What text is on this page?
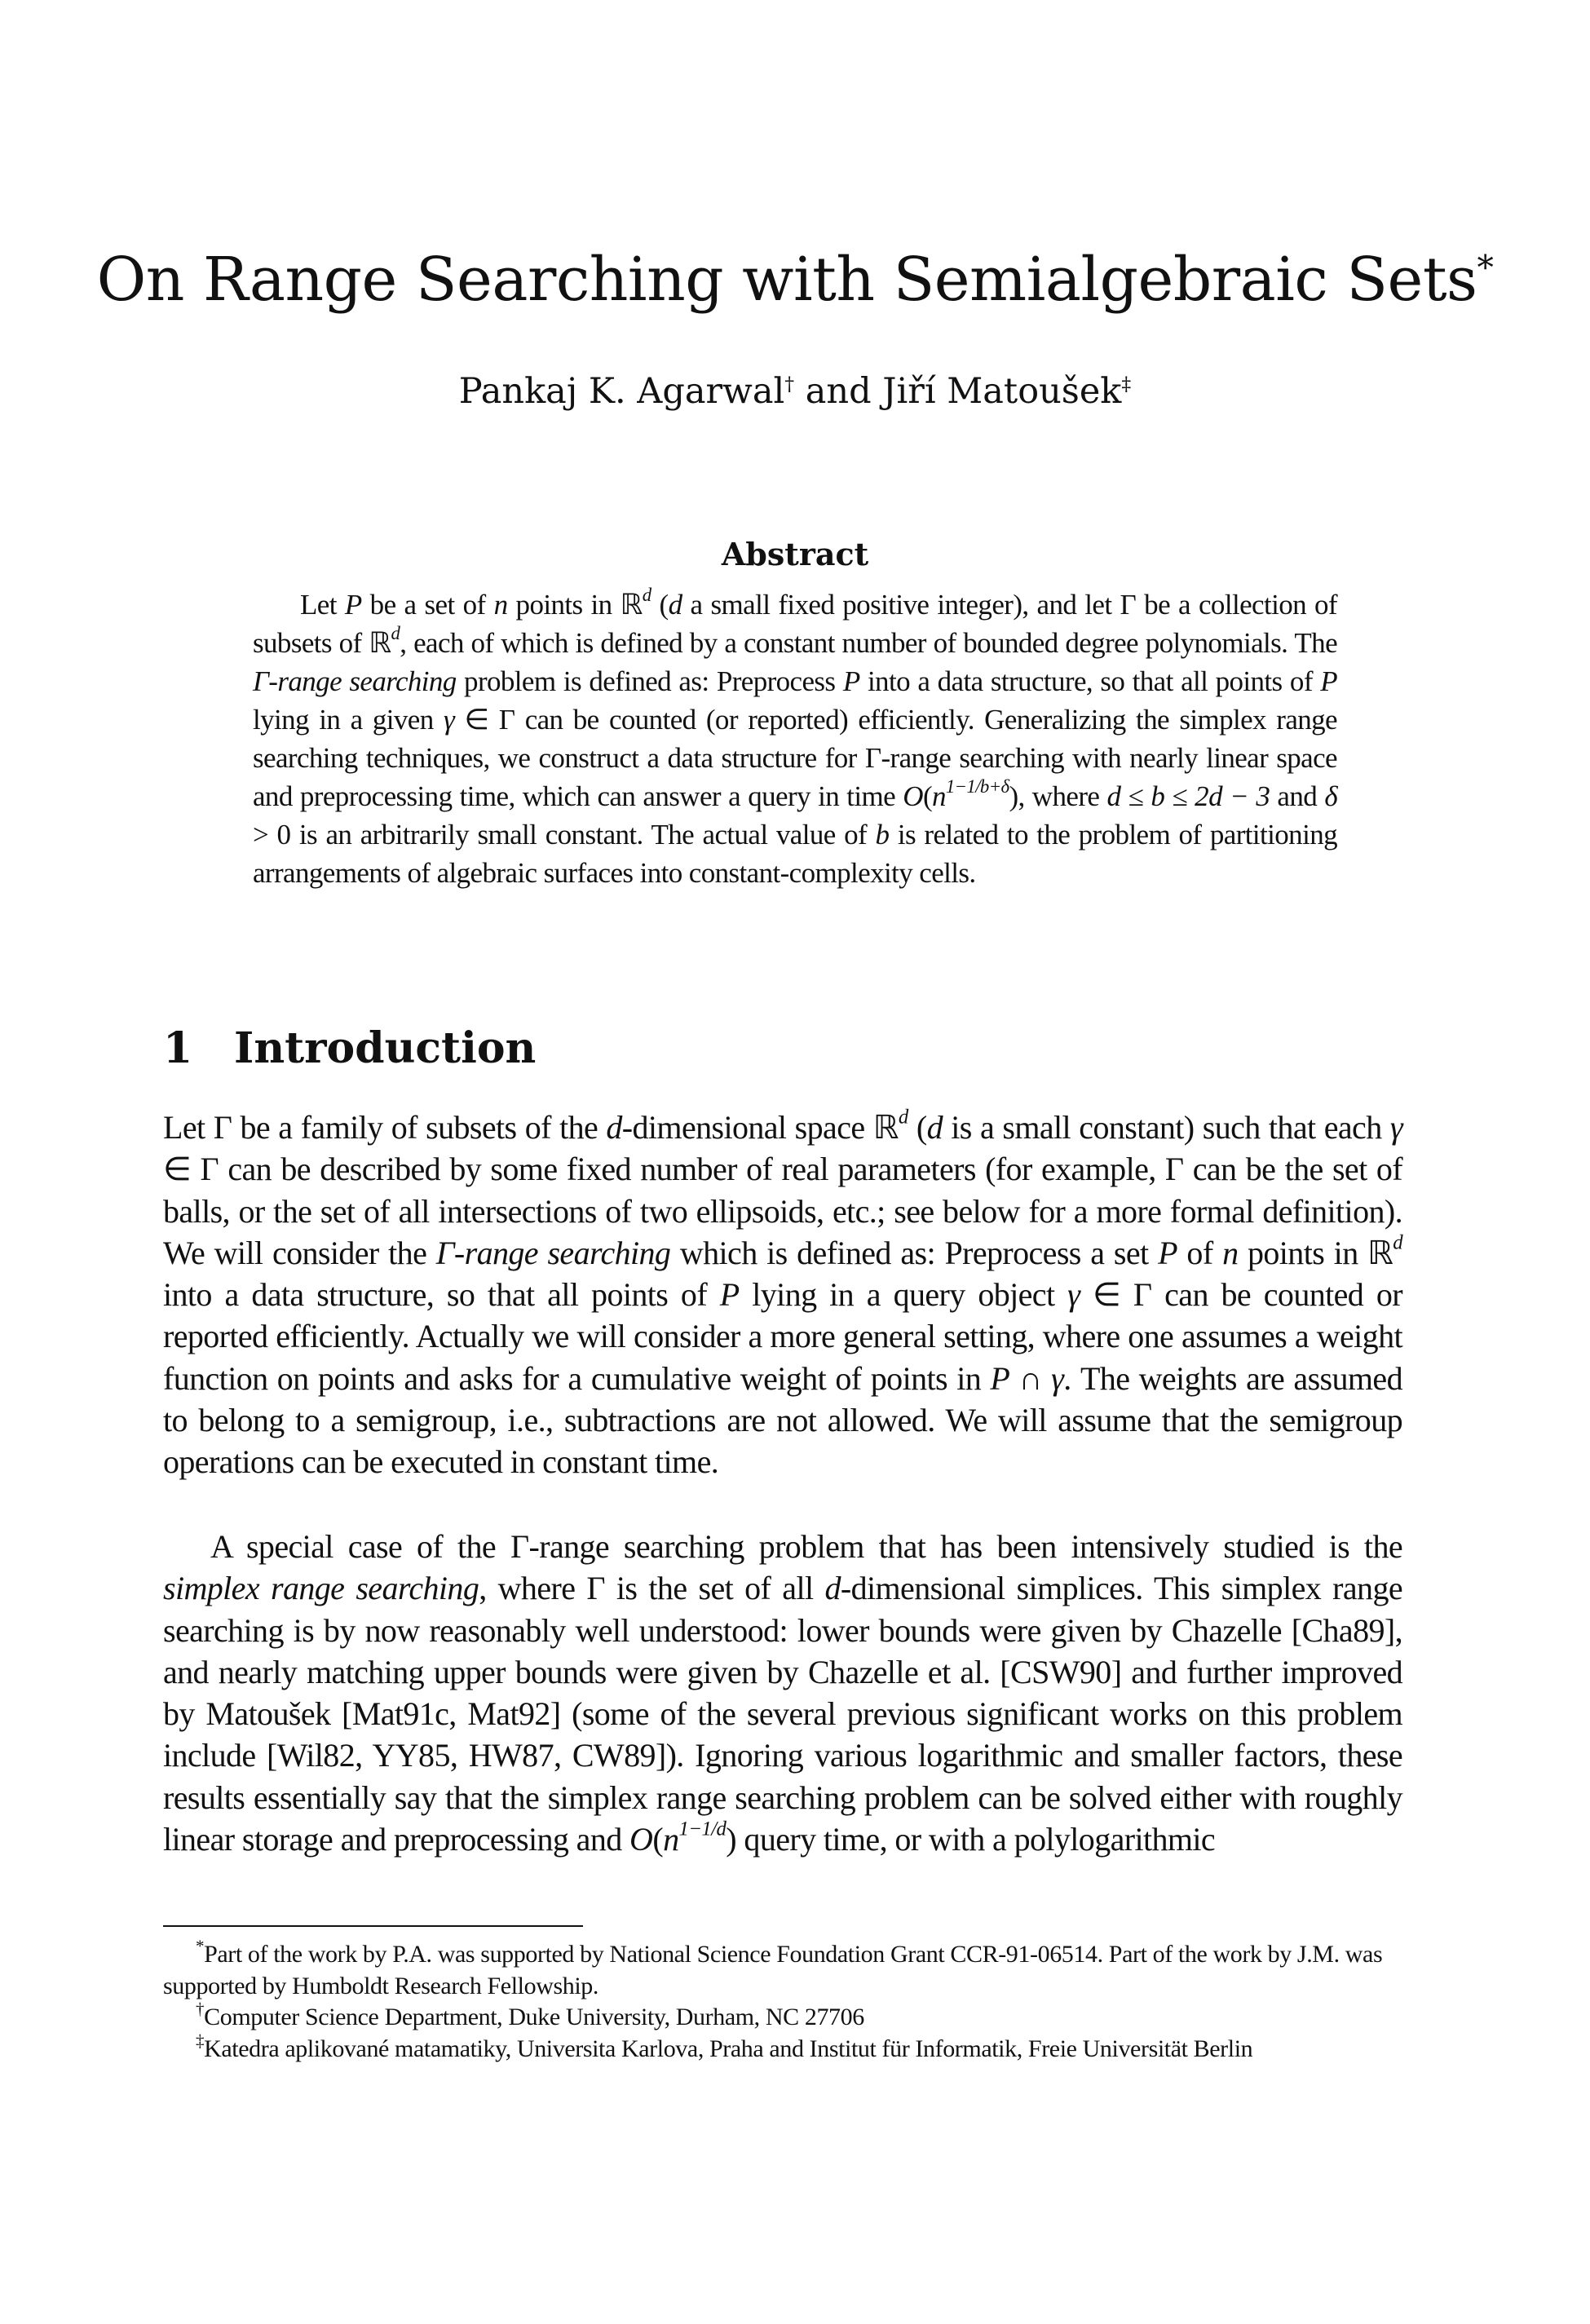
On Range Searching with Semialgebraic Sets*
Pankaj K. Agarwal† and Jiří Matoušek‡
Abstract
Let P be a set of n points in ℝ$^d$ (d a small fixed positive integer), and let Γ be a collection of subsets of ℝ$^d$, each of which is defined by a constant number of bounded degree polynomials. The Γ-range searching problem is defined as: Preprocess P into a data structure, so that all points of P lying in a given γ ∈ Γ can be counted (or reported) efficiently. Generalizing the simplex range searching techniques, we construct a data structure for Γ-range searching with nearly linear space and preprocessing time, which can answer a query in time $O(n^{1-1/b+\delta})$, where d ≤ b ≤ 2d − 3 and δ > 0 is an arbitrarily small constant. The actual value of b is related to the problem of partitioning arrangements of algebraic surfaces into constant-complexity cells.
1 Introduction
Let Γ be a family of subsets of the d-dimensional space ℝ$^d$ (d is a small constant) such that each γ ∈ Γ can be described by some fixed number of real parameters (for example, Γ can be the set of balls, or the set of all intersections of two ellipsoids, etc.; see below for a more formal definition). We will consider the Γ-range searching which is defined as: Preprocess a set P of n points in ℝ$^d$ into a data structure, so that all points of P lying in a query object γ ∈ Γ can be counted or reported efficiently. Actually we will consider a more general setting, where one assumes a weight function on points and asks for a cumulative weight of points in P ∩ γ. The weights are assumed to belong to a semigroup, i.e., subtractions are not allowed. We will assume that the semigroup operations can be executed in constant time.
A special case of the Γ-range searching problem that has been intensively studied is the simplex range searching, where Γ is the set of all d-dimensional simplices. This simplex range searching is by now reasonably well understood: lower bounds were given by Chazelle [Cha89], and nearly matching upper bounds were given by Chazelle et al. [CSW90] and further improved by Matoušek [Mat91c, Mat92] (some of the several previous significant works on this problem include [Wil82, YY85, HW87, CW89]). Ignoring various logarithmic and smaller factors, these results essentially say that the simplex range searching problem can be solved either with roughly linear storage and preprocessing and $O(n^{1-1/d})$ query time, or with a polylogarithmic
*Part of the work by P.A. was supported by National Science Foundation Grant CCR-91-06514. Part of the work by J.M. was supported by Humboldt Research Fellowship.
†Computer Science Department, Duke University, Durham, NC 27706
‡Katedra aplikované matamatiky, Universita Karlova, Praha and Institut für Informatik, Freie Universität Berlin
